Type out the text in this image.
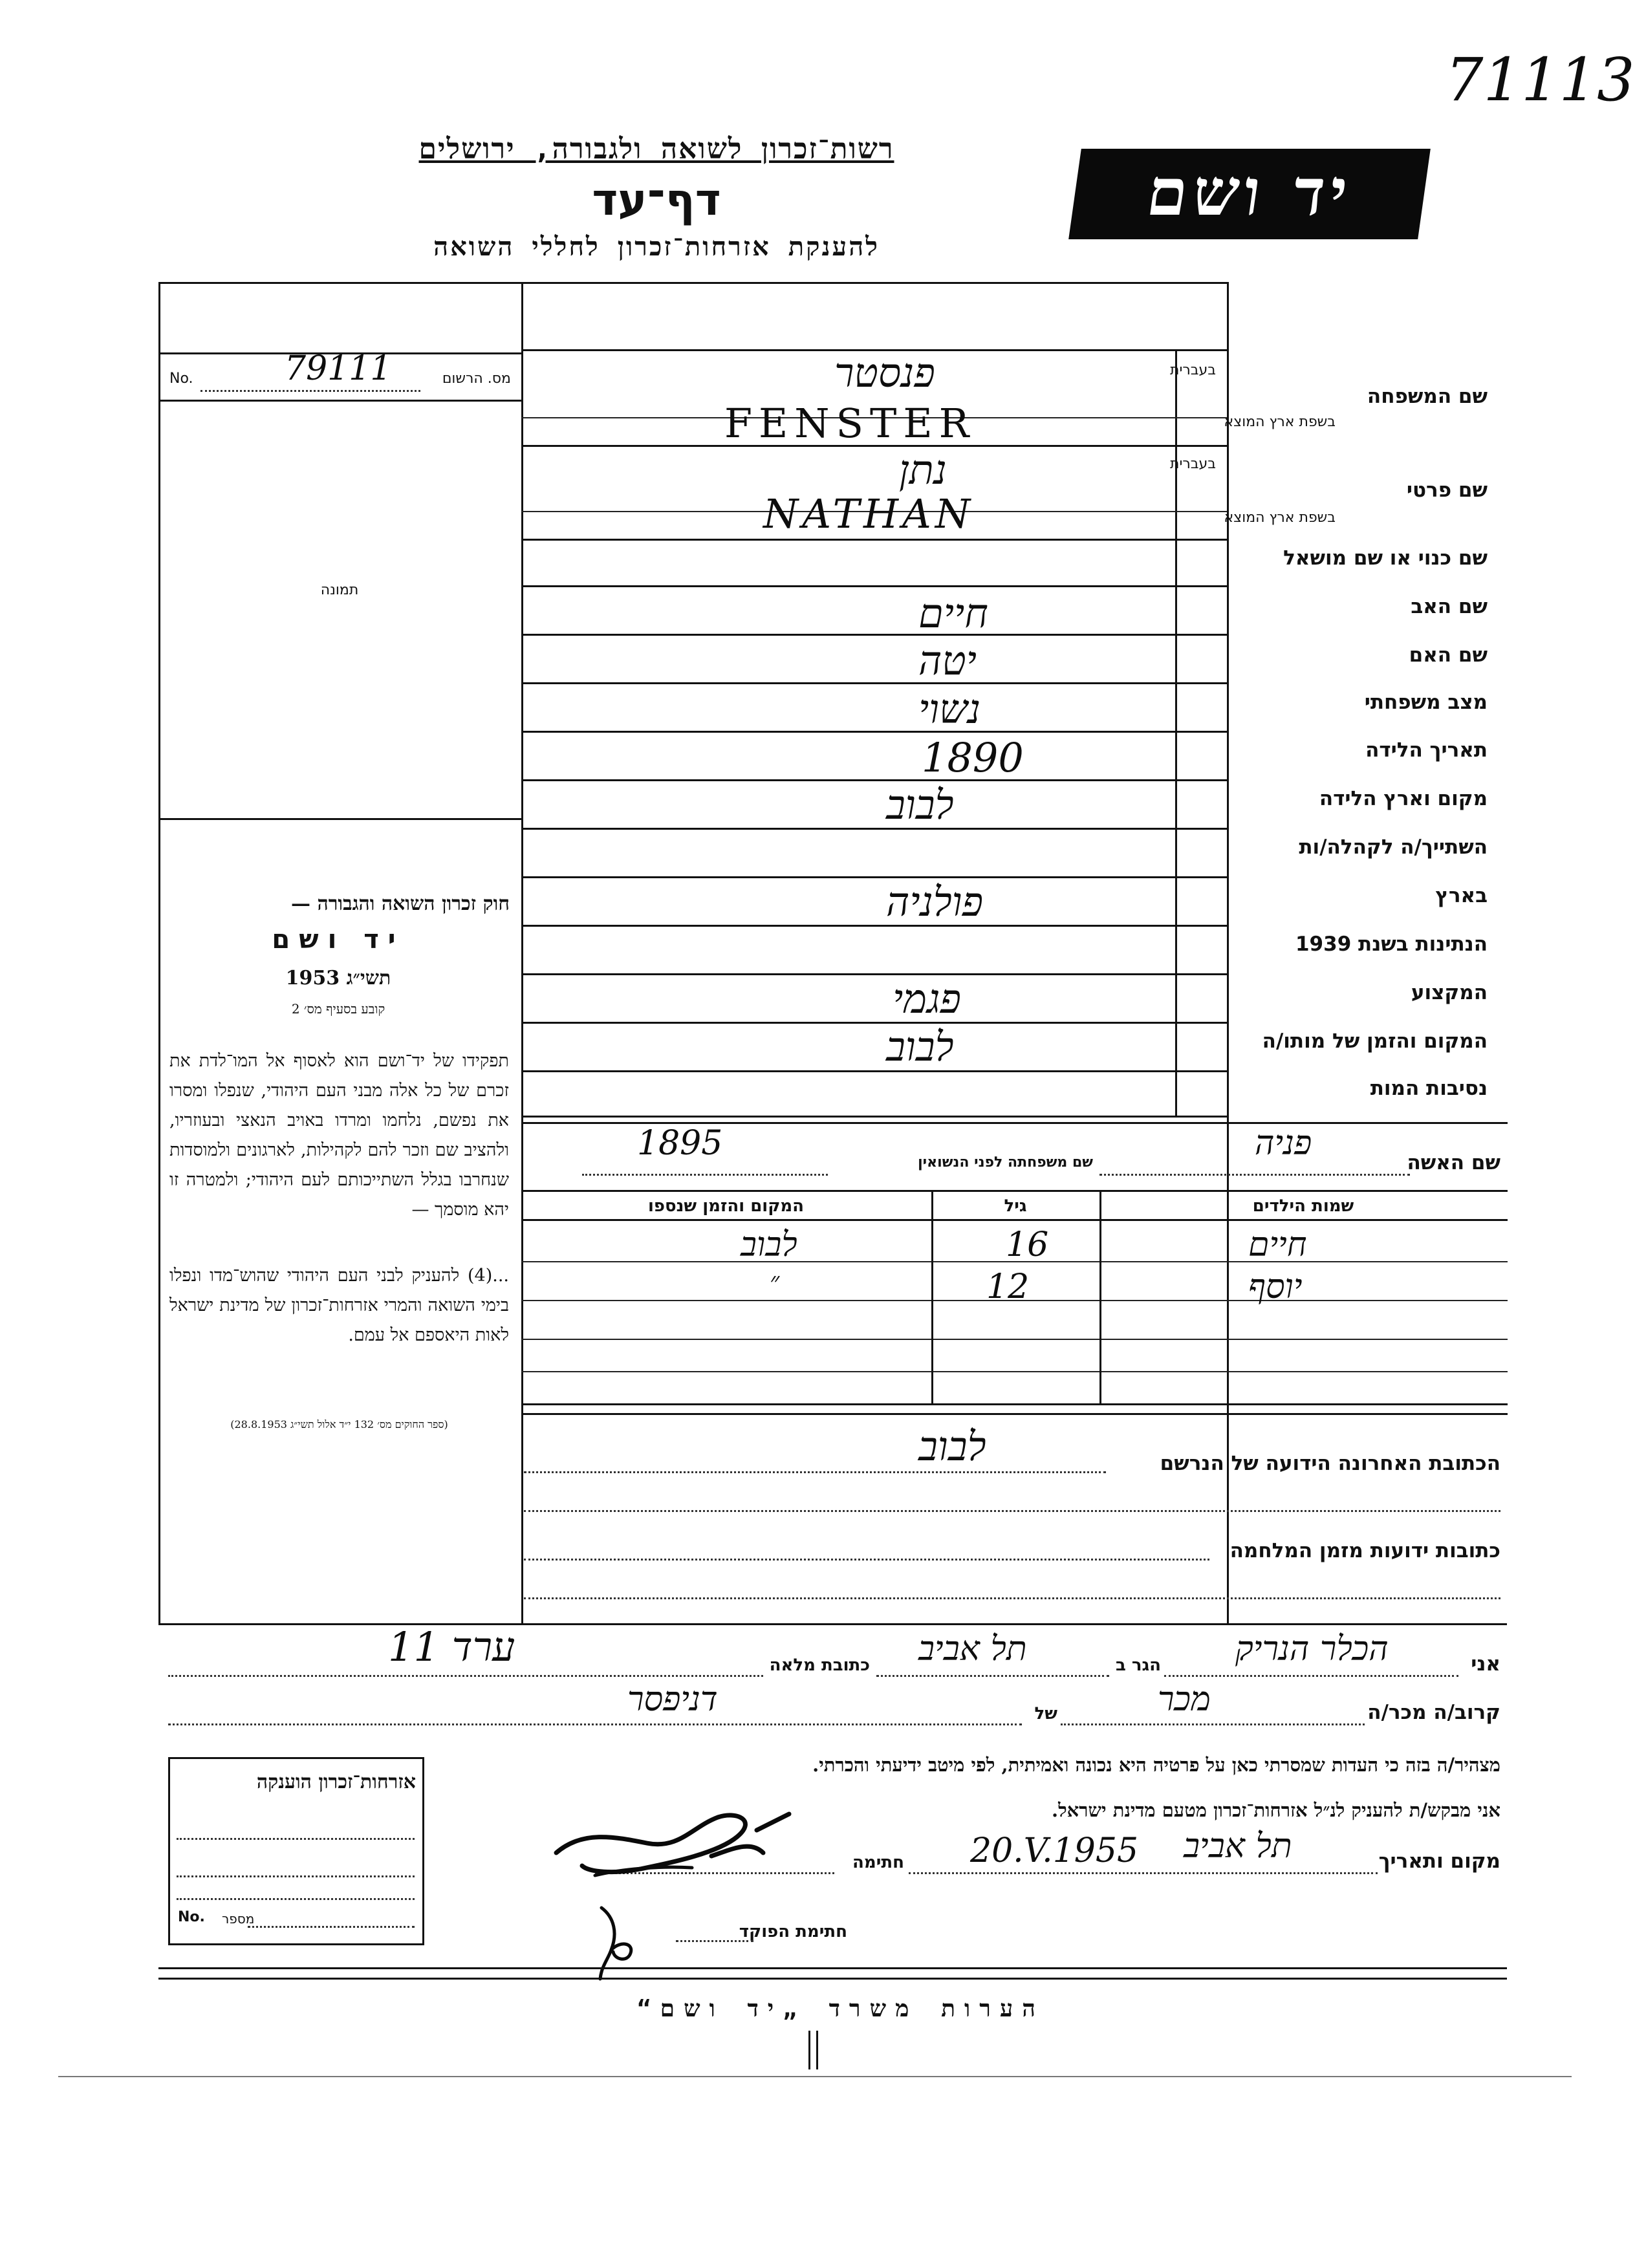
71113
רשות־זכרון לשואה ולגבורה, ירושלים
דף־עד
להענקת אזרחות־זכרון לחללי השואה
יד ושם
מס. הרשום
No.	79111
תמונה
חוק זכרון השואה והגבורה —
יד ושם
תשי״ג 1953
קובע בסעיף מס׳ 2
תפקידו של יד־ושם הוא לאסוף אל המו־לדת את זכרם של כל אלה מבני העם היהודי, שנפלו ומסרו את נפשם, נלחמו ומרדו באויב הנאצי ובעוזריו, ולהציב שם וזכר להם לקהילות, לארגונים ולמוסדות שנחרבו בגלל השתייכותם לעם היהודי; ולמטרה זו יהא מוסמך —
...(4) להעניק לבני העם היהודי שהוש־מדו ונפלו בימי השואה והמרי אזרחות־זכרון של מדינת ישראל לאות היאספם אל עמם.
(ספר החוקים מס׳ 132 י״ד אלול תשי״ג 28.8.1953)
בעברית
שם המשפחה
בשפת ארץ המוצא
פנסטר
FENSTER
בעברית
שם פרטי
בשפת ארץ המוצא
נתן
NATHAN
שם כנוי או שם מושאל
שם האב
חיים
שם האם
יטה
מצב משפחתי
נשוי
תאריך הלידה
1890
מקום וארץ הלידה
לבוב
השתייך/ה לקהלה/ות
בארץ
פולניה
הנתינות בשנת 1939
המקצוע
פגמי
המקום והזמן של מותו/ה
לבוב
נסיבות המות
שם האשה
פניה
שם משפחתה לפני הנשואין
1895
שמות הילדים
גיל
המקום והזמן שנספו
חיים
16
לבוב
יוסף
12
״
הכתובת האחרונה הידועה של הנרשם
לבוב
כתובות ידועות מזמן המלחמה
אני
הכלר הנריק
הגר ב
תל אביב
כתובת מלאה
ערד 11
קרוב/ה מכר/ה
מכר
של
דניפסר
מצהיר/ה בזה כי העדות שמסרתי כאן על פרטיה היא נכונה ואמיתית, לפי מיטב ידיעתי והכרתי.
אני מבקש/ת להעניק לנ״ל אזרחות־זכרון מטעם מדינת ישראל.
מקום ותאריך
תל אביב
20.V.1955
חתימה
חתימת הפוקד
אזרחות־זכרון הוענקה
No. מספר
הערות משרד „יד ושם“
